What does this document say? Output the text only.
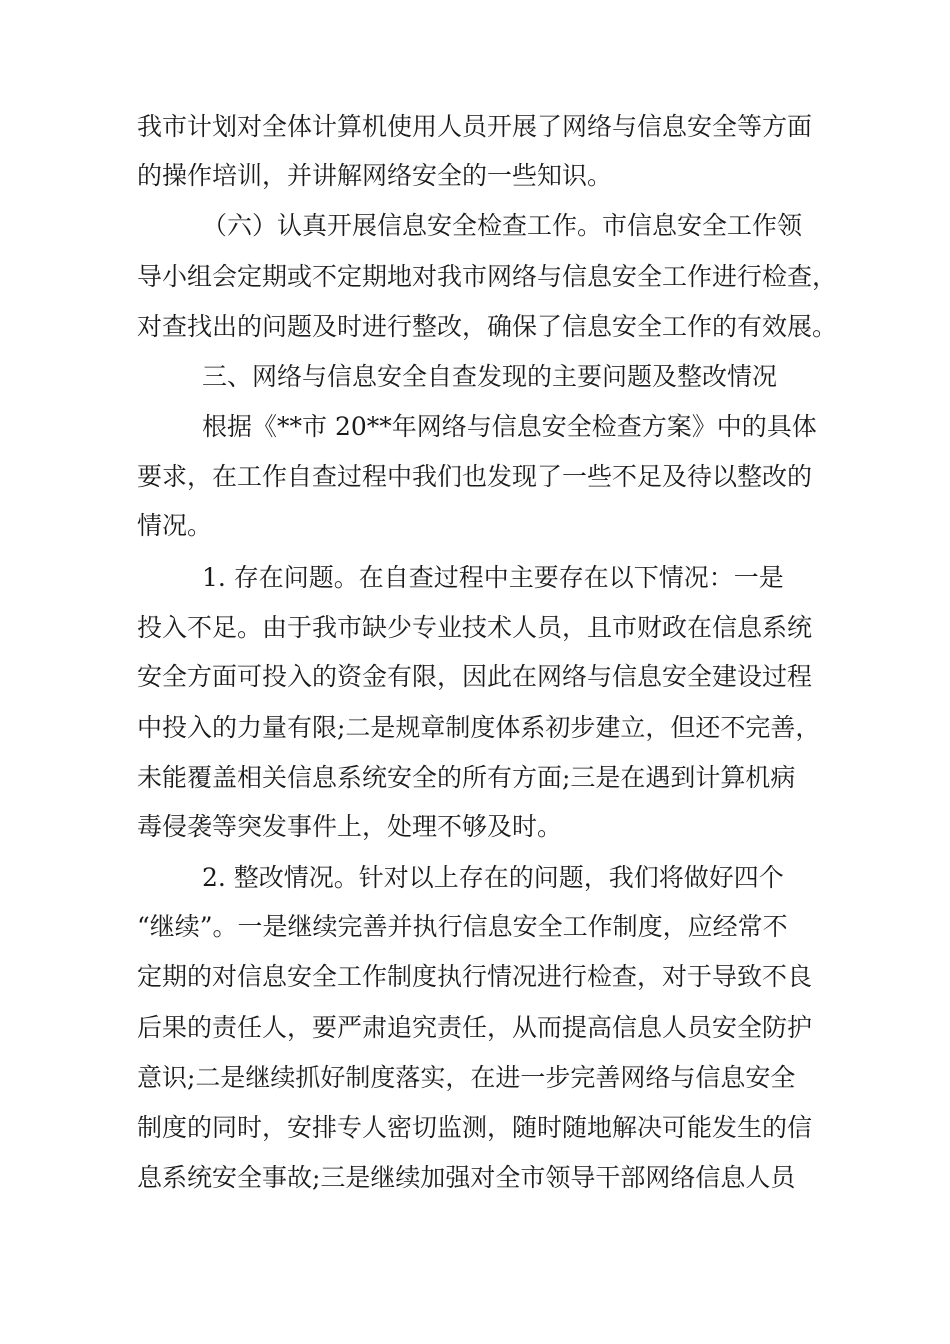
我市计划对全体计算机使用人员开展了网络与信息安全等方面

的操作培训，并讲解网络安全的一些知识。

（六）认真开展信息安全检查工作。市信息安全工作领

导小组会定期或不定期地对我市网络与信息安全工作进行检查，

对查找出的问题及时进行整改，确保了信息安全工作的有效展。

三、网络与信息安全自查发现的主要问题及整改情况

根据《**市 20**年网络与信息安全检查方案》中的具体

要求，在工作自查过程中我们也发现了一些不足及待以整改的

情况。

1. 存在问题。在自查过程中主要存在以下情况：一是

投入不足。由于我市缺少专业技术人员，且市财政在信息系统

安全方面可投入的资金有限，因此在网络与信息安全建设过程

中投入的力量有限;二是规章制度体系初步建立，但还不完善，

未能覆盖相关信息系统安全的所有方面;三是在遇到计算机病

毒侵袭等突发事件上，处理不够及时。

2. 整改情况。针对以上存在的问题，我们将做好四个

“继续”。一是继续完善并执行信息安全工作制度，应经常不

定期的对信息安全工作制度执行情况进行检查，对于导致不良

后果的责任人，要严肃追究责任，从而提高信息人员安全防护

意识;二是继续抓好制度落实，在进一步完善网络与信息安全

制度的同时，安排专人密切监测，随时随地解决可能发生的信

息系统安全事故;三是继续加强对全市领导干部网络信息人员
